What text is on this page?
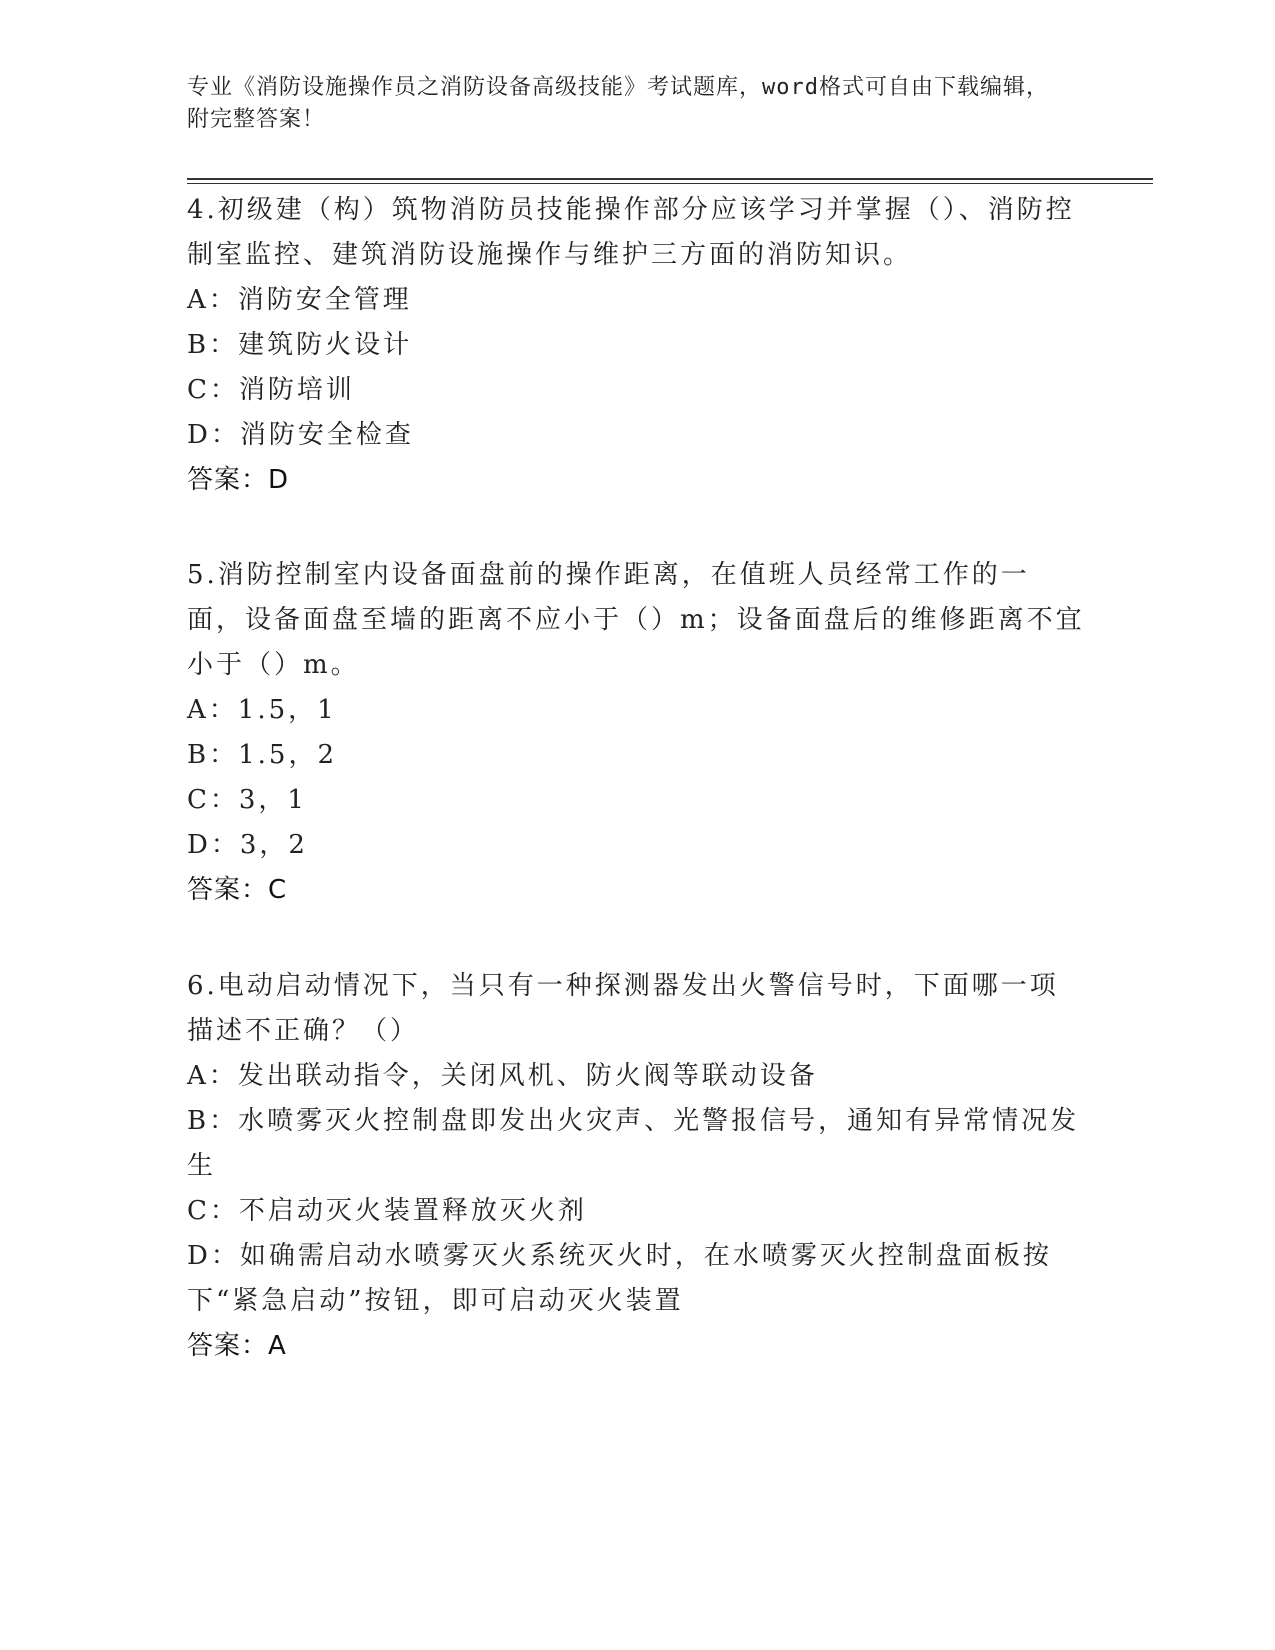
专业《消防设施操作员之消防设备高级技能》考试题库，word格式可自由下载编辑，附完整答案！
4.初级建（构）筑物消防员技能操作部分应该学习并掌握（）、消防控制室监控、建筑消防设施操作与维护三方面的消防知识。
A：消防安全管理
B：建筑防火设计
C：消防培训
D：消防安全检查
答案：D
5.消防控制室内设备面盘前的操作距离，在值班人员经常工作的一面，设备面盘至墙的距离不应小于（）m；设备面盘后的维修距离不宜小于（）m。
A：1.5，1
B：1.5，2
C：3，1
D：3，2
答案：C
6.电动启动情况下，当只有一种探测器发出火警信号时，下面哪一项描述不正确？（）
A：发出联动指令，关闭风机、防火阀等联动设备
B：水喷雾灭火控制盘即发出火灾声、光警报信号，通知有异常情况发生
C：不启动灭火装置释放灭火剂
D：如确需启动水喷雾灭火系统灭火时，在水喷雾灭火控制盘面板按下“紧急启动”按钮，即可启动灭火装置
答案：A
